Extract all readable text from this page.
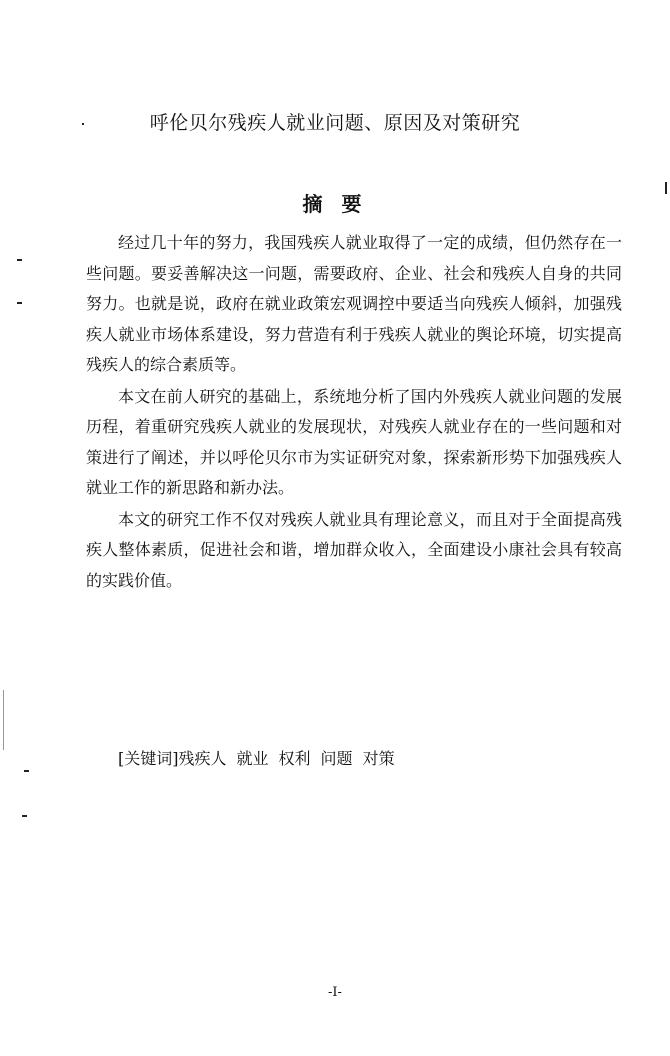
呼伦贝尔残疾人就业问题、原因及对策研究
摘 要

经过几十年的努力，我国残疾人就业取得了一定的成绩，但仍然存在一些问题。要妥善解决这一问题，需要政府、企业、社会和残疾人自身的共同努力。也就是说，政府在就业政策宏观调控中要适当向残疾人倾斜，加强残疾人就业市场体系建设，努力营造有利于残疾人就业的舆论环境，切实提高残疾人的综合素质等。

本文在前人研究的基础上，系统地分析了国内外残疾人就业问题的发展历程，着重研究残疾人就业的发展现状，对残疾人就业存在的一些问题和对策进行了阐述，并以呼伦贝尔市为实证研究对象，探索新形势下加强残疾人就业工作的新思路和新办法。

本文的研究工作不仅对残疾人就业具有理论意义，而且对于全面提高残疾人整体素质，促进社会和谐，增加群众收入，全面建设小康社会具有较高的实践价值。

[关键词]残疾人 就业 权利 问题 对策

-I-
